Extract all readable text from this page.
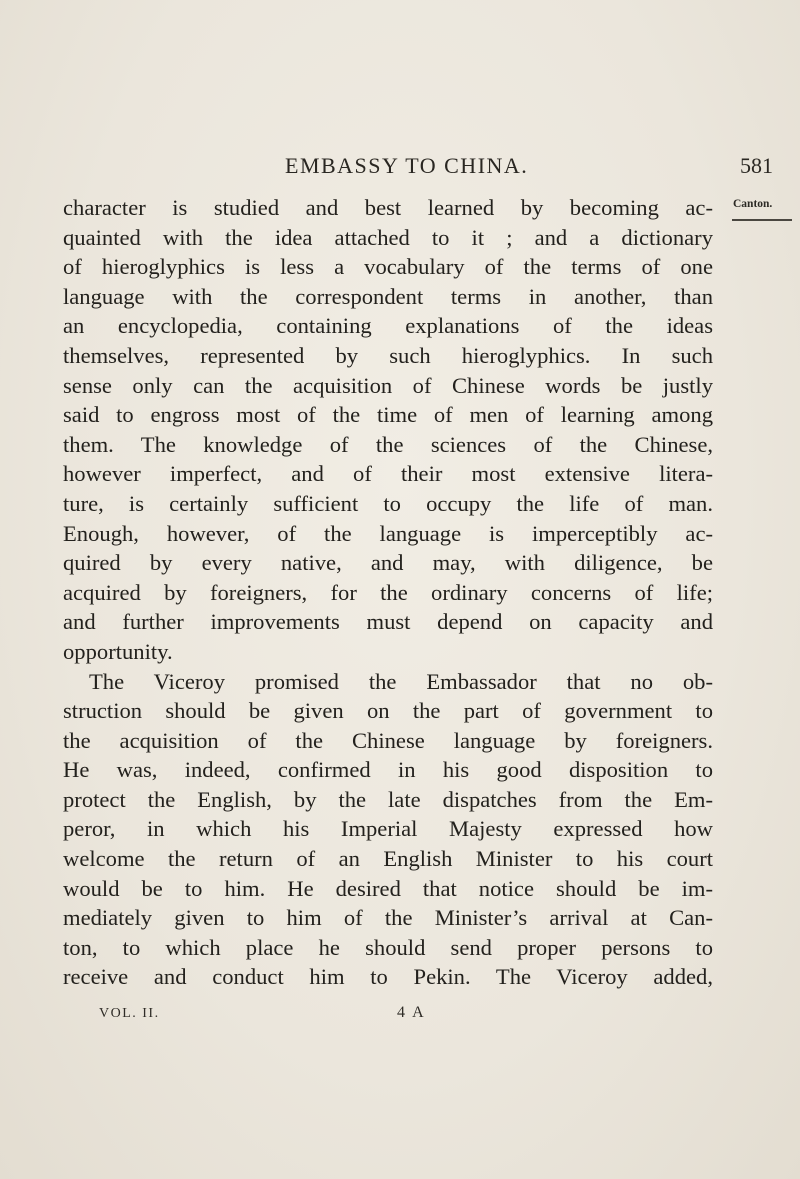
EMBASSY TO CHINA.	581
Canton.
character is studied and best learned by becoming ac-
quainted with the idea attached to it ; and a dictionary
of hieroglyphics is less a vocabulary of the terms of one
language with the correspondent terms in another, than
an encyclopedia, containing explanations of the ideas
themselves, represented by such hieroglyphics. In such
sense only can the acquisition of Chinese words be justly
said to engross most of the time of men of learning among
them. The knowledge of the sciences of the Chinese,
however imperfect, and of their most extensive litera-
ture, is certainly sufficient to occupy the life of man.
Enough, however, of the language is imperceptibly ac-
quired by every native, and may, with diligence, be
acquired by foreigners, for the ordinary concerns of life;
and further improvements must depend on capacity and
opportunity.
The Viceroy promised the Embassador that no ob-
struction should be given on the part of government to
the acquisition of the Chinese language by foreigners.
He was, indeed, confirmed in his good disposition to
protect the English, by the late dispatches from the Em-
peror, in which his Imperial Majesty expressed how
welcome the return of an English Minister to his court
would be to him. He desired that notice should be im-
mediately given to him of the Minister’s arrival at Can-
ton, to which place he should send proper persons to
receive and conduct him to Pekin. The Viceroy added,
VOL. II.	4 A
